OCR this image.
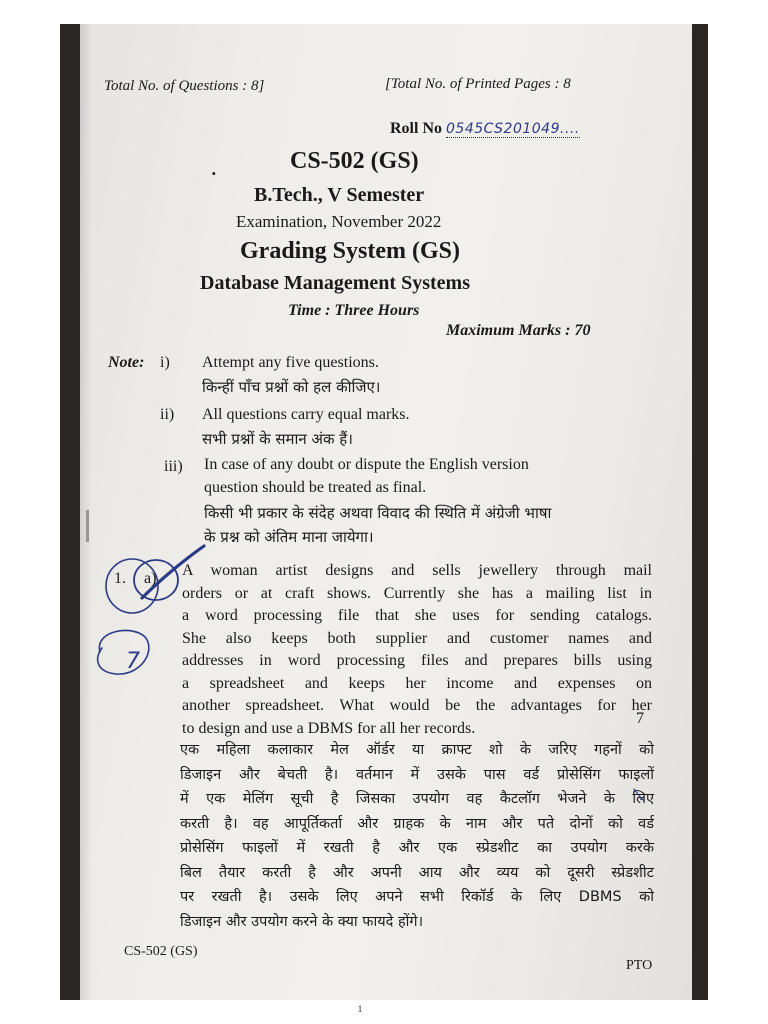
Total No. of Questions : 8]	[Total No. of Printed Pages : 8

Roll No 0545CS201049....

·	CS-502 (GS)

B.Tech., V Semester

Examination, November 2022

Grading System (GS)

Database Management Systems

Time : Three Hours

Maximum Marks : 70

Note: i) Attempt any five questions.

किन्हीं पाँच प्रश्नों को हल कीजिए।

ii) All questions carry equal marks.

सभी प्रश्नों के समान अंक हैं।

iii) In case of any doubt or dispute the English version

question should be treated as final.

किसी भी प्रकार के संदेह अथवा विवाद की स्थिति में अंग्रेजी भाषा

के प्रश्न को अंतिम माना जायेगा।

1. a) A woman artist designs and sells jewellery through mail
orders or at craft shows. Currently she has a mailing list in
a word processing file that she uses for sending catalogs.
She also keeps both supplier and customer names and
addresses in word processing files and prepares bills using
a spreadsheet and keeps her income and expenses on
another spreadsheet. What would be the advantages for her
to design and use a DBMS for all her records.

7

एक महिला कलाकार मेल ऑर्डर या क्राफ्ट शो के जरिए गहनों को
डिजाइन और बेचती है। वर्तमान में उसके पास वर्ड प्रोसेसिंग फाइलों
में एक मेलिंग सूची है जिसका उपयोग वह कैटलॉग भेजने के लिए
करती है। वह आपूर्तिकर्ता और ग्राहक के नाम और पते दोनों को वर्ड
प्रोसेसिंग फाइलों में रखती है और एक स्प्रेडशीट का उपयोग करके
बिल तैयार करती है और अपनी आय और व्यय को दूसरी स्प्रेडशीट
पर रखती है। उसके लिए अपने सभी रिकॉर्ड के लिए DBMS को
डिजाइन और उपयोग करने के क्या फायदे होंगे।

CS-502 (GS)

PTO

7
1
